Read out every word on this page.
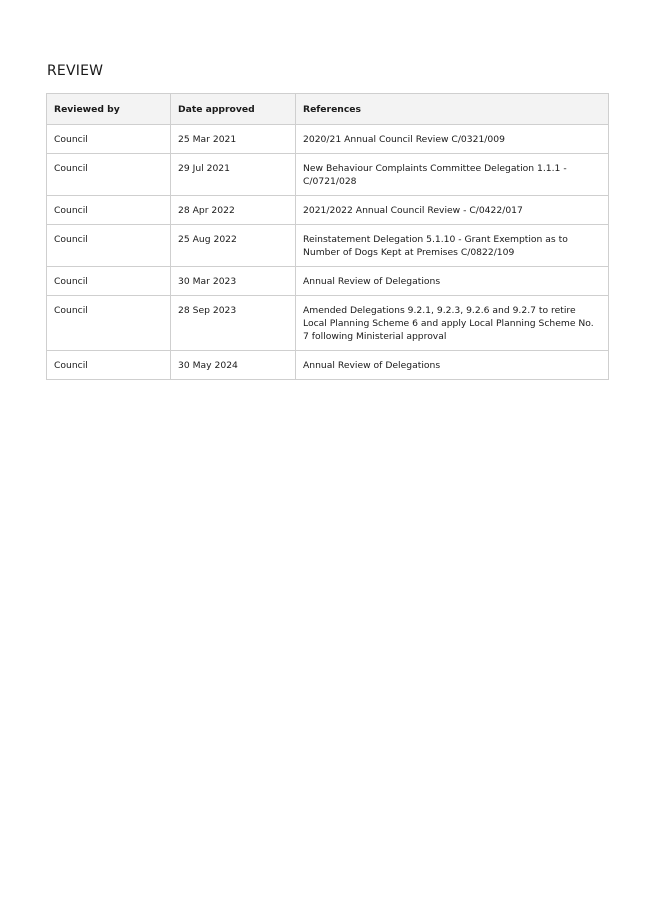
REVIEW
Reviewed by	Date approved	References
Council	25 Mar 2021	2020/21 Annual Council Review C/0321/009
Council	29 Jul 2021	New Behaviour Complaints Committee Delegation 1.1.1 - C/0721/028
Council	28 Apr 2022	2021/2022 Annual Council Review - C/0422/017
Council	25 Aug 2022	Reinstatement Delegation 5.1.10 - Grant Exemption as to Number of Dogs Kept at Premises C/0822/109
Council	30 Mar 2023	Annual Review of Delegations
Council	28 Sep 2023	Amended Delegations 9.2.1, 9.2.3, 9.2.6 and 9.2.7 to retire Local Planning Scheme 6 and apply Local Planning Scheme No. 7 following Ministerial approval
Council	30 May 2024	Annual Review of Delegations
